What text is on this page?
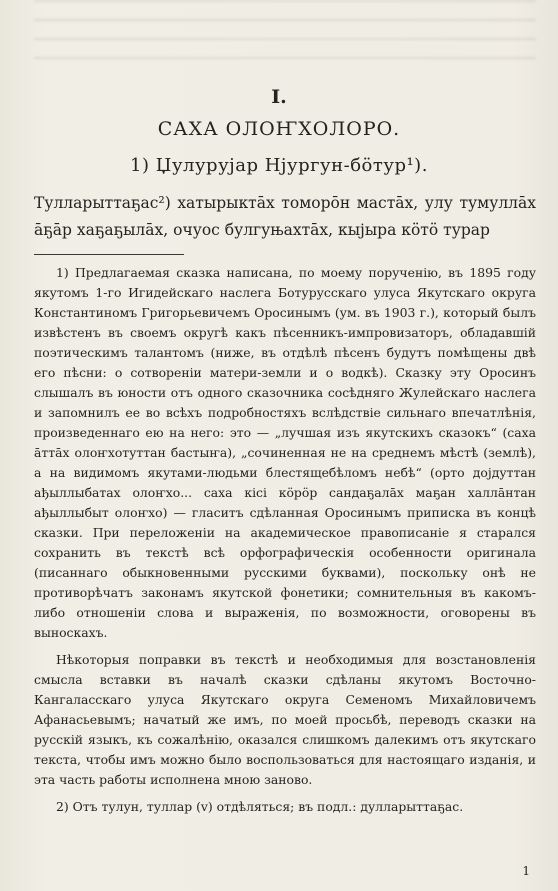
I.
САХА ОЛОҤХОЛОРО.
1) Џулурујар Нјургун-бӧтур¹).
Тулларыттаҕас²) хатырыктāх томорōн мастāх, улу тумуллāх āҕāр хаҕаҕылāх, очуос булгуњахтāх, кыјыра кӧтӧ турар

1) Предлагаемая сказка написана, по моему порученію, въ 1895 году якутомъ 1-го Игидейскаго наслега Ботурусскаго улуса Якутскаго округа Константиномъ Григорьевичемъ Оросинымъ (ум. въ 1903 г.), который былъ извѣстенъ въ своемъ округѣ какъ пѣсенникъ-импровизаторъ, обладавшій поэтическимъ талантомъ (ниже, въ отдѣлѣ пѣсенъ будутъ помѣщены двѣ его пѣсни: о сотвореніи матери-земли и о водкѣ). Сказку эту Оросинъ слышалъ въ юности отъ одного сказочника сосѣдняго Жулейскаго наслега и запомнилъ ее во всѣхъ подробностяхъ вслѣдствіе сильнаго впечатлѣнія, произведеннаго ею на него: это — „лучшая изъ якутскихъ сказокъ“ (саха āттāх олоҥхотуттан бастыҥа), „сочиненная не на среднемъ мѣстѣ (землѣ), а на видимомъ якутами-людьми блестящебѣломъ небѣ“ (орто дојдуттан ађыллыбатах олоҥхо... саха кісі кӧрӧр сандаҕалāх маҕан халлāнтан ађыллыбыт олоҥхо) — гласитъ сдѣланная Оросинымъ приписка въ концѣ сказки. При переложеніи на академическое правописаніе я старался сохранить въ текстѣ всѣ орфографическія особенности оригинала (писаннаго обыкновенными русскими буквами), поскольку онѣ не противорѣчатъ законамъ якутской фонетики; сомнительныя въ какомъ-либо отношеніи слова и выраженія, по возможности, оговорены въ выноскахъ.

Нѣкоторыя поправки въ текстѣ и необходимыя для возстановленія смысла вставки въ началѣ сказки сдѣланы якутомъ Восточно-Кангаласскаго улуса Якутскаго округа Семеномъ Михайловичемъ Афанасьевымъ; начатый же имъ, по моей просьбѣ, переводъ сказки на русскій языкъ, къ сожалѣнію, оказался слишкомъ далекимъ отъ якутскаго текста, чтобы имъ можно было воспользоваться для настоящаго изданія, и эта часть работы исполнена мною заново.

2) Отъ тулун, туллар (v) отдѣляться; въ подл.: дулларыттаҕас.

1
